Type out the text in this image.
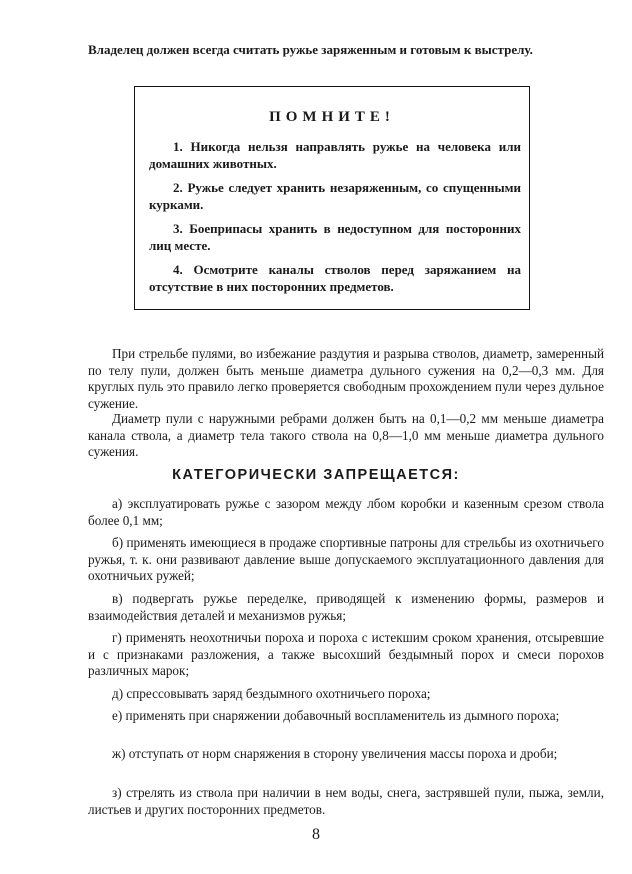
Владелец должен всегда считать ружье заряженным и готовым к выстрелу.

ПОМНИТЕ!

1. Никогда нельзя направлять ружье на человека или домашних животных.

2. Ружье следует хранить незаряженным, со спущенными курками.

3. Боеприпасы хранить в недоступном для посторонних лиц месте.

4. Осмотрите каналы стволов перед заряжанием на отсутствие в них посторонних предметов.

При стрельбе пулями, во избежание раздутия и разрыва стволов, диаметр, замеренный по телу пули, должен быть меньше диаметра дульного сужения на 0,2—0,3 мм. Для круглых пуль это правило легко проверяется свободным прохождением пули через дульное сужение.

Диаметр пули с наружными ребрами должен быть на 0,1—0,2 мм меньше диаметра канала ствола, а диаметр тела такого ствола на 0,8—1,0 мм меньше диаметра дульного сужения.

КАТЕГОРИЧЕСКИ ЗАПРЕЩАЕТСЯ:

а) эксплуатировать ружье с зазором между лбом коробки и казенным срезом ствола более 0,1 мм;

б) применять имеющиеся в продаже спортивные патроны для стрельбы из охотничьего ружья, т. к. они развивают давление выше допускаемого эксплуатационного давления для охотничьих ружей;

в) подвергать ружье переделке, приводящей к изменению формы, размеров и взаимодействия деталей и механизмов ружья;

г) применять неохотничьи пороха и пороха с истекшим сроком хранения, отсыревшие и с признаками разложения, а также высохший бездымный порох и смеси порохов различных марок;

д) спрессовывать заряд бездымного охотничьего пороха;

е) применять при снаряжении добавочный воспламенитель из дымного пороха;

ж) отступать от норм снаряжения в сторону увеличения массы пороха и дроби;

з) стрелять из ствола при наличии в нем воды, снега, застрявшей пули, пыжа, земли, листьев и других посторонних предметов.

8
